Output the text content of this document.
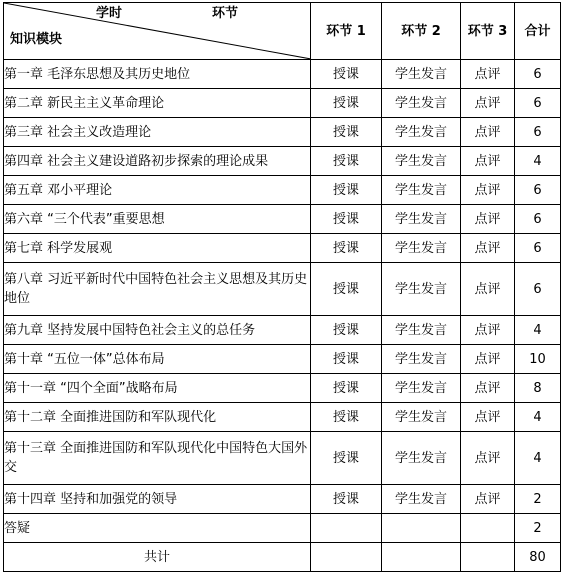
学时 环节
知识模块	环节 1	环节 2	环节 3	合计
第一章 毛泽东思想及其历史地位	授课	学生发言	点评	6
第二章 新民主主义革命理论	授课	学生发言	点评	6
第三章 社会主义改造理论	授课	学生发言	点评	6
第四章 社会主义建设道路初步探索的理论成果	授课	学生发言	点评	4
第五章 邓小平理论	授课	学生发言	点评	6
第六章 “三个代表”重要思想	授课	学生发言	点评	6
第七章 科学发展观	授课	学生发言	点评	6
第八章 习近平新时代中国特色社会主义思想及其历史地位	授课	学生发言	点评	6
第九章 坚持发展中国特色社会主义的总任务	授课	学生发言	点评	4
第十章 “五位一体”总体布局	授课	学生发言	点评	10
第十一章 “四个全面”战略布局	授课	学生发言	点评	8
第十二章 全面推进国防和军队现代化	授课	学生发言	点评	4
第十三章 全面推进国防和军队现代化中国特色大国外交	授课	学生发言	点评	4
第十四章 坚持和加强党的领导	授课	学生发言	点评	2
答疑				2
共计				80
